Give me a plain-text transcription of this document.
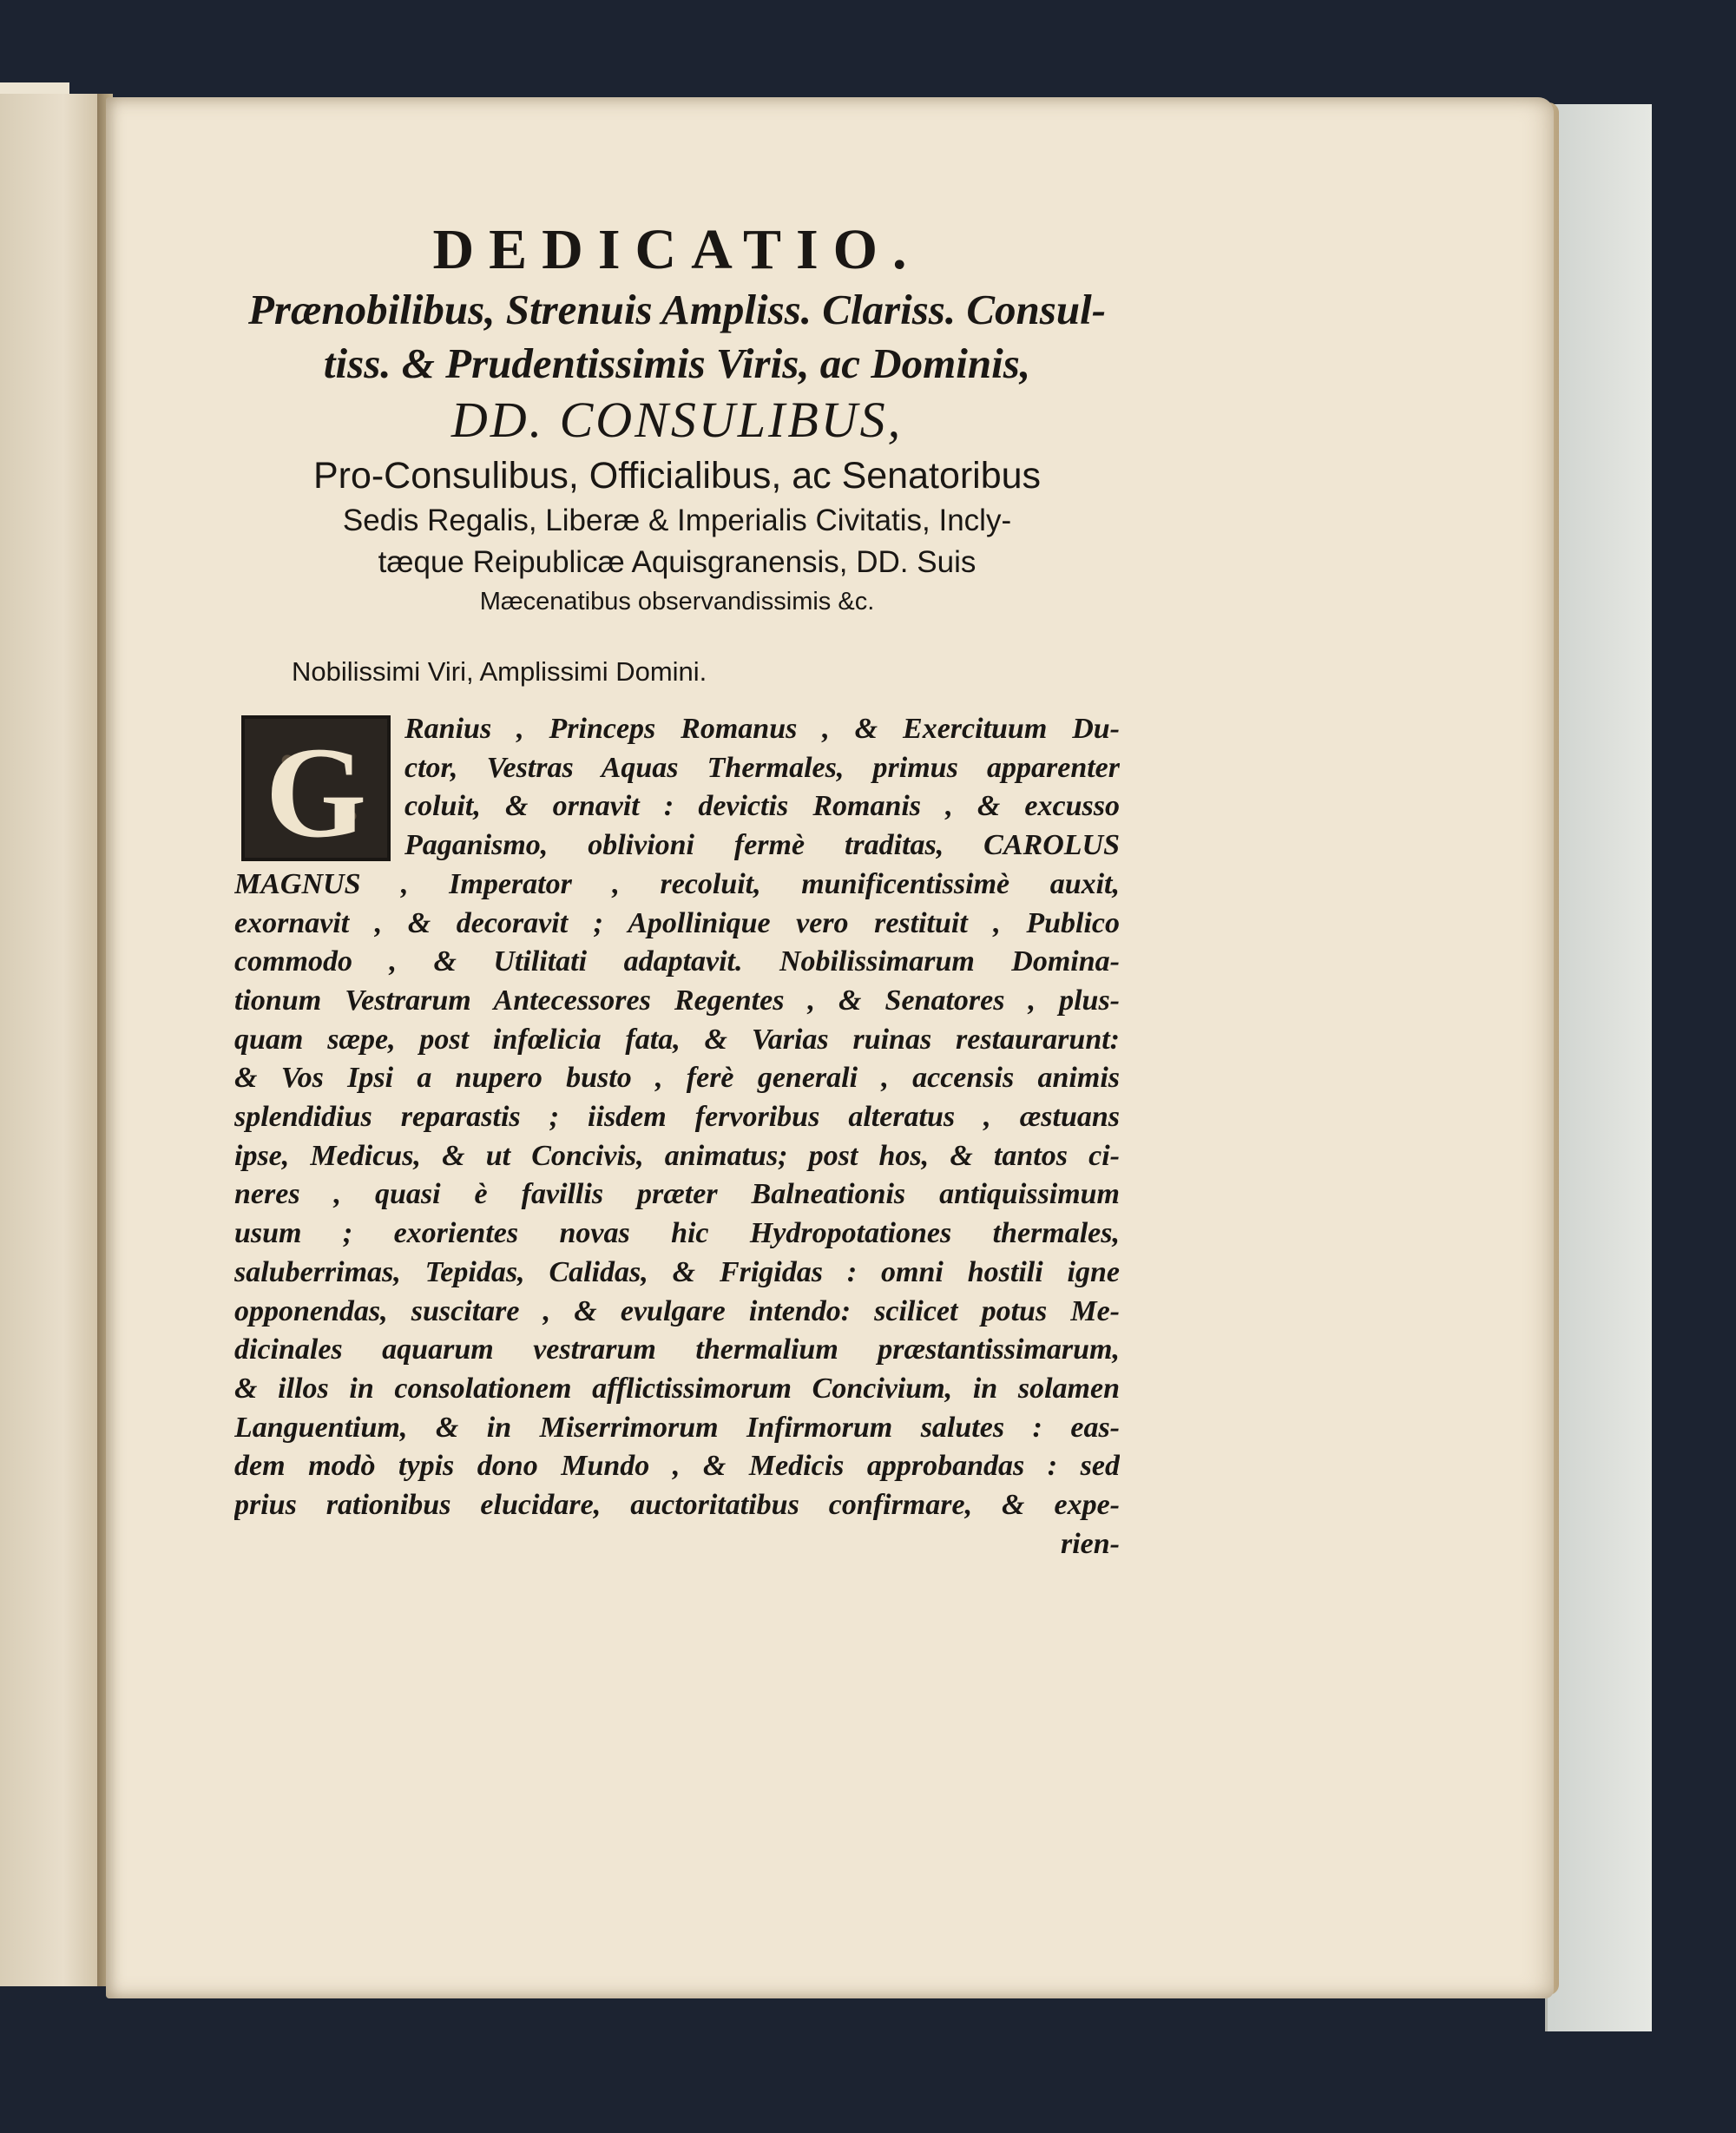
DEDICATIO.
Prænobilibus, Strenuis Ampliss. Clariss. Consul-
tiss. & Prudentissimis Viris, ac Dominis,
DD. CONSULIBUS,
Pro-Consulibus, Officialibus, ac Senatoribus
Sedis Regalis, Liberæ & Imperialis Civitatis, Incly-
tæque Reipublicæ Aquisgranensis, DD. Suis
Mæcenatibus observandissimis &c.
Nobilissimi Viri, Amplissimi Domini.
G	Ranius , Princeps Romanus , & Exercituum Du-
ctor, Vestras Aquas Thermales, primus apparenter
coluit, & ornavit : devictis Romanis , & excusso
Paganismo, oblivioni fermè traditas, CAROLUS
MAGNUS , Imperator , recoluit, munificentissimè auxit,
exornavit , & decoravit ; Apollinique vero restituit , Publico
commodo , & Utilitati adaptavit. Nobilissimarum Domina-
tionum Vestrarum Antecessores Regentes , & Senatores , plus-
quam sæpe, post infœlicia fata, & Varias ruinas restaurarunt:
& Vos Ipsi a nupero busto , ferè generali , accensis animis
splendidius reparastis ; iisdem fervoribus alteratus , æstuans
ipse, Medicus, & ut Concivis, animatus; post hos, & tantos ci-
neres , quasi è favillis præter Balneationis antiquissimum
usum ; exorientes novas hic Hydropotationes thermales,
saluberrimas, Tepidas, Calidas, & Frigidas : omni hostili igne
opponendas, suscitare , & evulgare intendo: scilicet potus Me-
dicinales aquarum vestrarum thermalium præstantissimarum,
& illos in consolationem afflictissimorum Concivium, in solamen
Languentium, & in Miserrimorum Infirmorum salutes : eas-
dem modò typis dono Mundo , & Medicis approbandas : sed
prius rationibus elucidare, auctoritatibus confirmare, & expe-
rien-
